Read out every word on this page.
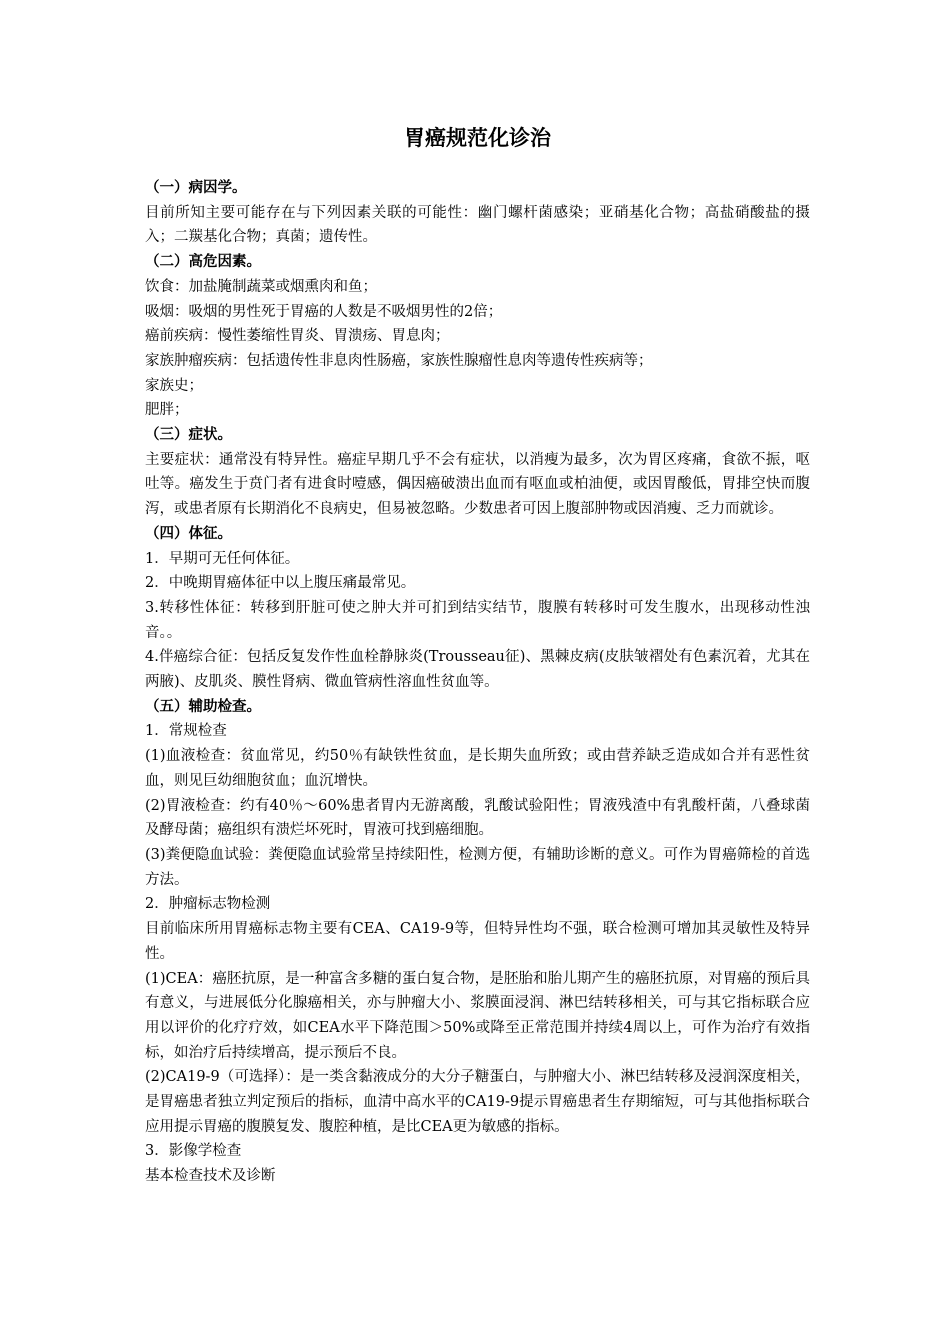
胃癌规范化诊治

（一）病因学。

目前所知主要可能存在与下列因素关联的可能性：幽门螺杆菌感染；亚硝基化合物；高盐硝酸盐的摄入；二羰基化合物；真菌；遗传性。

（二）高危因素。

饮食：加盐腌制蔬菜或烟熏肉和鱼；

吸烟：吸烟的男性死于胃癌的人数是不吸烟男性的2倍；

癌前疾病：慢性萎缩性胃炎、胃溃疡、胃息肉；

家族肿瘤疾病：包括遗传性非息肉性肠癌，家族性腺瘤性息肉等遗传性疾病等；

家族史；

肥胖；

（三）症状。

主要症状：通常没有特异性。癌症早期几乎不会有症状，以消瘦为最多，次为胃区疼痛，食欲不振，呕吐等。癌发生于贲门者有进食时噎感，偶因癌破溃出血而有呕血或柏油便，或因胃酸低，胃排空快而腹泻，或患者原有长期消化不良病史，但易被忽略。少数患者可因上腹部肿物或因消瘦、乏力而就诊。

（四）体征。

1．早期可无任何体征。

2．中晚期胃癌体征中以上腹压痛最常见。

3.转移性体征：转移到肝脏可使之肿大并可扪到结实结节，腹膜有转移时可发生腹水，出现移动性浊音。。

4.伴癌综合征：包括反复发作性血栓静脉炎(Trousseau征)、黑棘皮病(皮肤皱褶处有色素沉着，尤其在两腋)、皮肌炎、膜性肾病、微血管病性溶血性贫血等。

（五）辅助检查。

1．常规检查

(1)血液检查：贫血常见，约50％有缺铁性贫血，是长期失血所致；或由营养缺乏造成如合并有恶性贫血，则见巨幼细胞贫血；血沉增快。

(2)胃液检查：约有40％～60%患者胃内无游离酸，乳酸试验阳性；胃液残渣中有乳酸杆菌，八叠球菌及酵母菌；癌组织有溃烂坏死时，胃液可找到癌细胞。

(3)粪便隐血试验：粪便隐血试验常呈持续阳性，检测方便，有辅助诊断的意义。可作为胃癌筛检的首选方法。

2．肿瘤标志物检测

目前临床所用胃癌标志物主要有CEA、CA19-9等，但特异性均不强，联合检测可增加其灵敏性及特异性。

(1)CEA：癌胚抗原，是一种富含多糖的蛋白复合物，是胚胎和胎儿期产生的癌胚抗原，对胃癌的预后具有意义，与进展低分化腺癌相关，亦与肿瘤大小、浆膜面浸润、淋巴结转移相关，可与其它指标联合应用以评价的化疗疗效，如CEA水平下降范围＞50%或降至正常范围并持续4周以上，可作为治疗有效指标，如治疗后持续增高，提示预后不良。

(2)CA19-9（可选择）：是一类含黏液成分的大分子糖蛋白，与肿瘤大小、淋巴结转移及浸润深度相关，是胃癌患者独立判定预后的指标，血清中高水平的CA19-9提示胃癌患者生存期缩短，可与其他指标联合应用提示胃癌的腹膜复发、腹腔种植，是比CEA更为敏感的指标。

3．影像学检查

基本检查技术及诊断
